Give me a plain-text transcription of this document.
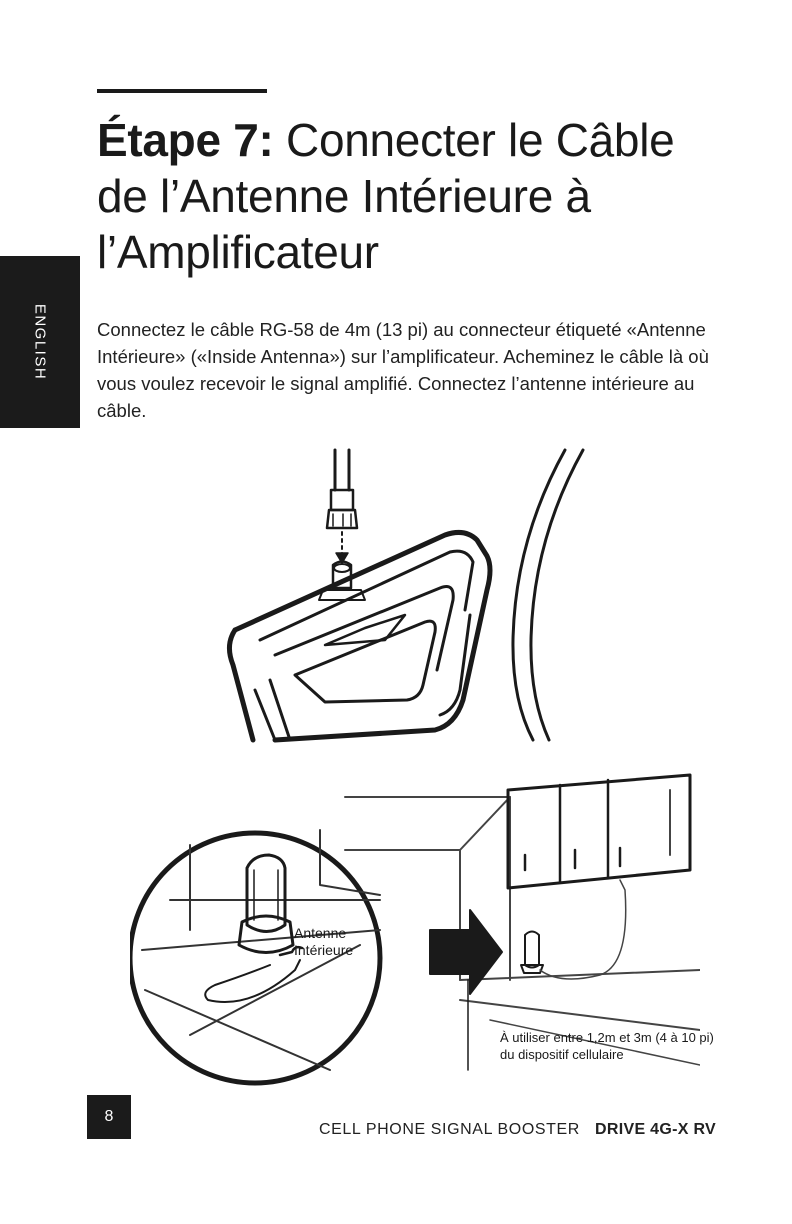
Étape 7: Connecter le Câble
de l’Antenne Intérieure à
l’Amplificateur
ENGLISH	Connectez le câble RG-58 de 4m (13 pi) au connecteur étiqueté «Antenne Intérieure» («Inside Antenna») sur l’amplificateur. Acheminez le câble là où vous voulez recevoir le signal amplifié. Connectez l’antenne intérieure au câble.

Antenne
Intérieure
À utiliser entre 1,2m et 3m (4 à 10 pi) du dispositif cellulaire
8
CELL PHONE SIGNAL BOOSTER DRIVE 4G-X RV
